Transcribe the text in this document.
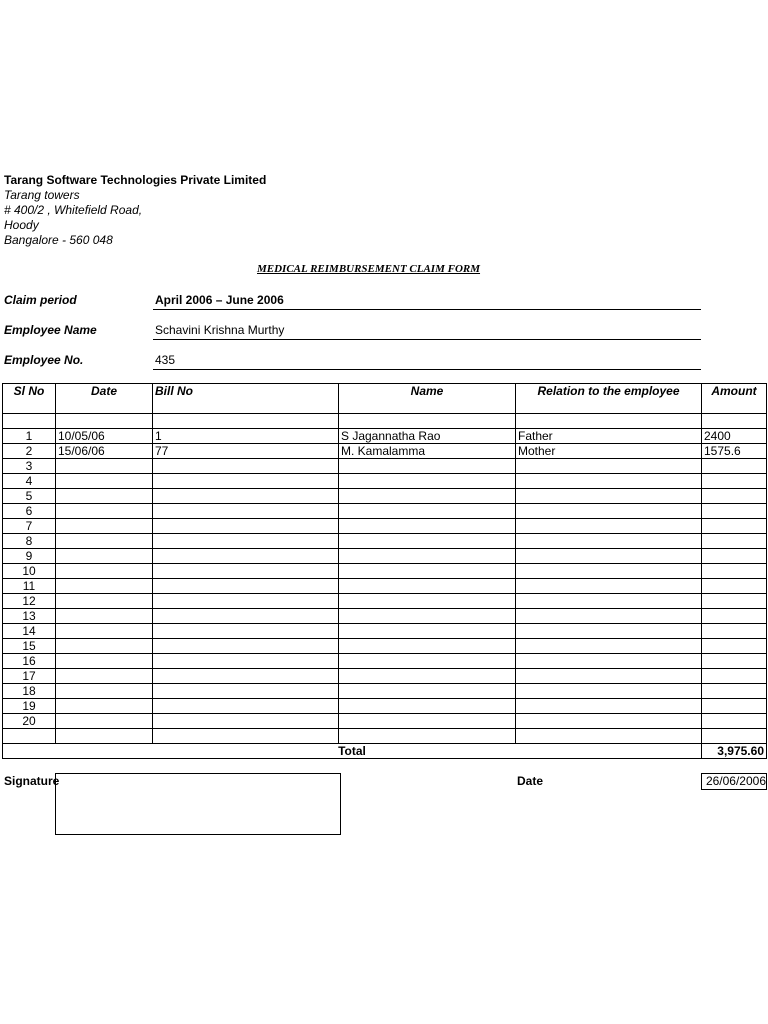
Tarang Software Technologies Private Limited
Tarang towers
# 400/2 , Whitefield Road,
Hoody
Bangalore - 560 048
MEDICAL REIMBURSEMENT CLAIM FORM
Claim period	April 2006 – June 2006
Employee Name	Schavini Krishna Murthy
Employee No.	435
Sl No	Date	Bill No	Name	Relation to the employee	Amount

1	10/05/06	1	S Jagannatha Rao	Father	2400
2	15/06/06	77	M. Kamalamma	Mother	1575.6
3					
4					
5					
6					
7					
8					
9					
10					
11					
12					
13					
14					
15					
16					
17					
18					
19					
20					

Total					3,975.60
Signature	Date	26/06/2006
